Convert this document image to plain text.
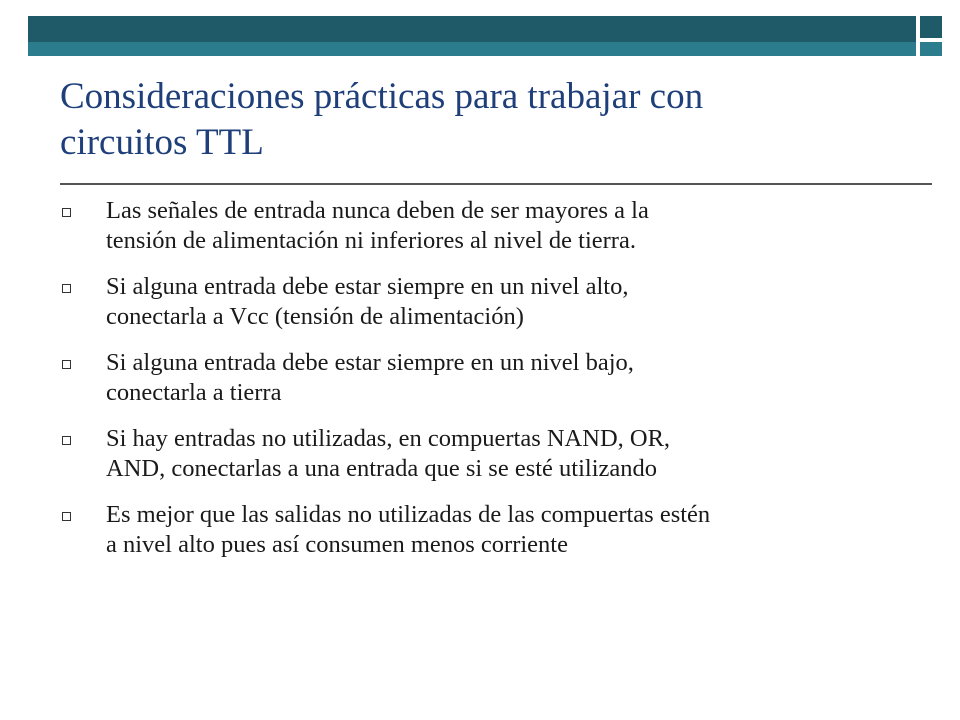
Consideraciones prácticas para trabajar con
circuitos TTL
Las señales de entrada nunca deben de ser mayores a la
tensión de alimentación ni inferiores al nivel de tierra.
Si alguna entrada debe estar siempre en un nivel alto,
conectarla a Vcc (tensión de alimentación)
Si alguna entrada debe estar siempre en un nivel bajo,
conectarla a tierra
Si hay entradas no utilizadas, en compuertas NAND, OR,
AND, conectarlas a una entrada que si se esté utilizando
Es mejor que las salidas no utilizadas de las compuertas estén
a nivel alto pues así consumen menos corriente
